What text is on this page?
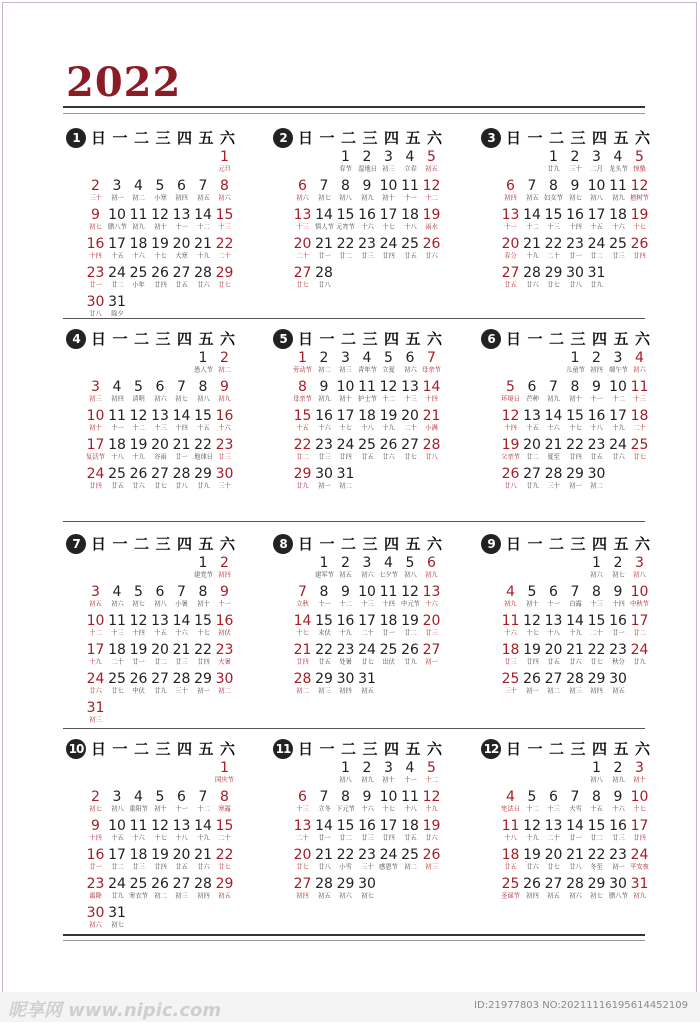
2022
1 日 一 二 三 四 五 六
1
元旦
2
三十
3
初一
4
初二
5
小寒
6
初四
7
初五
8
初六
9
初七
10
腊八节
11
初九
12
初十
13
十一
14
十二
15
十三
16
十四
17
十五
18
十六
19
十七
20
大寒
21
十九
22
二十
23
廿一
24
廿二
25
小年
26
廿四
27
廿五
28
廿六
29
廿七
30
廿八
31
除夕
2 日 一 二 三 四 五 六
1
春节
2
湿地日
3
初三
4
立春
5
初五
6
初六
7
初七
8
初八
9
初九
10
初十
11
十一
12
十二
13
十三
14
情人节
15
元宵节
16
十六
17
十七
18
十八
19
雨水
20
二十
21
廿一
22
廿二
23
廿三
24
廿四
25
廿五
26
廿六
27
廿七
28
廿八
3 日 一 二 三 四 五 六
1
廿九
2
三十
3
二月
4
龙头节
5
惊蛰
6
初四
7
初五
8
妇女节
9
初七
10
初八
11
初九
12
植树节
13
十一
14
十二
15
十三
16
十四
17
十五
18
十六
19
十七
20
春分
21
十九
22
二十
23
廿一
24
廿二
25
廿三
26
廿四
27
廿五
28
廿六
29
廿七
30
廿八
31
廿九
4 日 一 二 三 四 五 六
1
愚人节
2
初二
3
初三
4
初四
5
清明
6
初六
7
初七
8
初八
9
初九
10
初十
11
十一
12
十二
13
十三
14
十四
15
十五
16
十六
17
复活节
18
十八
19
十九
20
谷雨
21
廿一
22
地球日
23
廿三
24
廿四
25
廿五
26
廿六
27
廿七
28
廿八
29
廿九
30
三十
5 日 一 二 三 四 五 六
1
劳动节
2
初二
3
初三
4
青年节
5
立夏
6
初六
7
母亲节
8
母亲节
9
初九
10
初十
11
护士节
12
十二
13
十三
14
十四
15
十五
16
十六
17
十七
18
十八
19
十九
20
二十
21
小满
22
廿二
23
廿三
24
廿四
25
廿五
26
廿六
27
廿七
28
廿八
29
廿九
30
初一
31
初二
6 日 一 二 三 四 五 六
1
儿童节
2
初四
3
端午节
4
初六
5
环境日
6
芒种
7
初九
8
初十
9
十一
10
十二
11
十三
12
十四
13
十五
14
十六
15
十七
16
十八
17
十九
18
二十
19
父亲节
20
廿二
21
夏至
22
廿四
23
廿五
24
廿六
25
廿七
26
廿八
27
廿九
28
三十
29
初一
30
初二
7 日 一 二 三 四 五 六
1
建党节
2
初四
3
初五
4
初六
5
初七
6
初八
7
小暑
8
初十
9
十一
10
十二
11
十三
12
十四
13
十五
14
十六
15
十七
16
初伏
17
十九
18
二十
19
廿一
20
廿二
21
廿三
22
廿四
23
大暑
24
廿六
25
廿七
26
中伏
27
廿九
28
三十
29
初一
30
初二
31
初三
8 日 一 二 三 四 五 六
1
建军节
2
初五
3
初六
4
七夕节
5
初八
6
初九
7
立秋
8
十一
9
十二
10
十三
11
十四
12
中元节
13
十六
14
十七
15
末伏
16
十九
17
二十
18
廿一
19
廿二
20
廿三
21
廿四
22
廿五
23
处暑
24
廿七
25
出伏
26
廿九
27
初一
28
初二
29
初三
30
初四
31
初五
9 日 一 二 三 四 五 六
1
初六
2
初七
3
初八
4
初九
5
初十
6
十一
7
白露
8
十三
9
十四
10
中秋节
11
十六
12
十七
13
十八
14
十九
15
二十
16
廿一
17
廿二
18
廿三
19
廿四
20
廿五
21
廿六
22
廿七
23
秋分
24
廿九
25
三十
26
初一
27
初二
28
初三
29
初四
30
初五
10 日 一 二 三 四 五 六
1
国庆节
2
初七
3
初八
4
重阳节
5
初十
6
十一
7
十二
8
寒露
9
十四
10
十五
11
十六
12
十七
13
十八
14
十九
15
二十
16
廿一
17
廿二
18
廿三
19
廿四
20
廿五
21
廿六
22
廿七
23
霜降
24
廿九
25
寒衣节
26
初二
27
初三
28
初四
29
初五
30
初六
31
初七
11 日 一 二 三 四 五 六
1
初八
2
初九
3
初十
4
十一
5
十二
6
十三
7
立冬
8
下元节
9
十六
10
十七
11
十八
12
十九
13
二十
14
廿一
15
廿二
16
廿三
17
廿四
18
廿五
19
廿六
20
廿七
21
廿八
22
小雪
23
三十
24
感恩节
25
初二
26
初三
27
初四
28
初五
29
初六
30
初七
12 日 一 二 三 四 五 六
1
初八
2
初九
3
初十
4
宪法日
5
十二
6
十三
7
大雪
8
十五
9
十六
10
十七
11
十八
12
十九
13
二十
14
廿一
15
廿二
16
廿三
17
廿四
18
廿五
19
廿六
20
廿七
21
廿八
22
冬至
23
初一
24
平安夜
25
圣诞节
26
初四
27
初五
28
初六
29
初七
30
腊八节
31
初九
昵享网 www.nipic.com	ID:21977803 NO:20211116195614452109
